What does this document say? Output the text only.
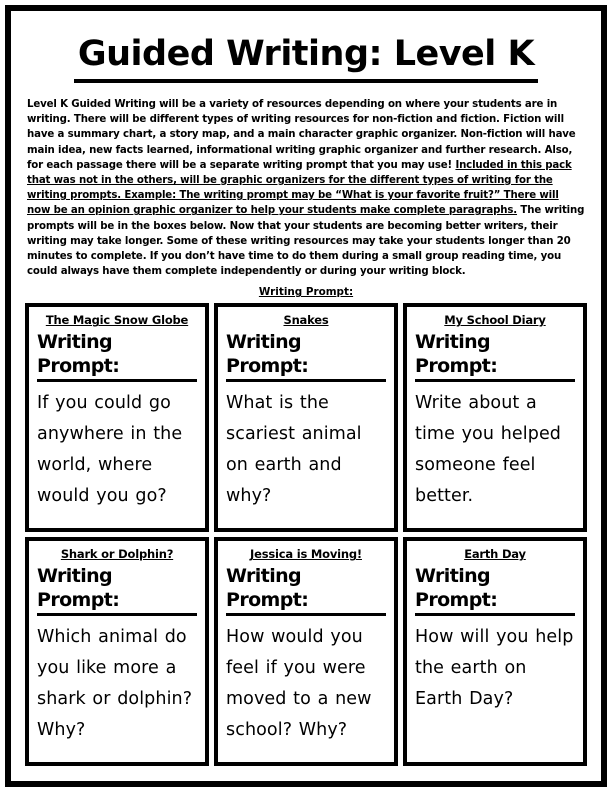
Guided Writing: Level K

Level K Guided Writing will be a variety of resources depending on where your students are in writing. There will be different types of writing resources for non-fiction and fiction. Fiction will have a summary chart, a story map, and a main character graphic organizer. Non-fiction will have main idea, new facts learned, informational writing graphic organizer and further research. Also, for each passage there will be a separate writing prompt that you may use! Included in this pack that was not in the others, will be graphic organizers for the different types of writing for the writing prompts. Example: The writing prompt may be “What is your favorite fruit?” There will now be an opinion graphic organizer to help your students make complete paragraphs. The writing prompts will be in the boxes below. Now that your students are becoming better writers, their writing may take longer. Some of these writing resources may take your students longer than 20 minutes to complete. If you don’t have time to do them during a small group reading time, you could always have them complete independently or during your writing block.

Writing Prompt:
The Magic Snow Globe
Writing Prompt:
If you could go anywhere in the world, where would you go?
Snakes
Writing Prompt:
What is the scariest animal on earth and why?
My School Diary
Writing Prompt:
Write about a time you helped someone feel better.
Shark or Dolphin?
Writing Prompt:
Which animal do you like more a shark or dolphin? Why?
Jessica is Moving!
Writing Prompt:
How would you feel if you were moved to a new school? Why?
Earth Day
Writing Prompt:
How will you help the earth on Earth Day?
